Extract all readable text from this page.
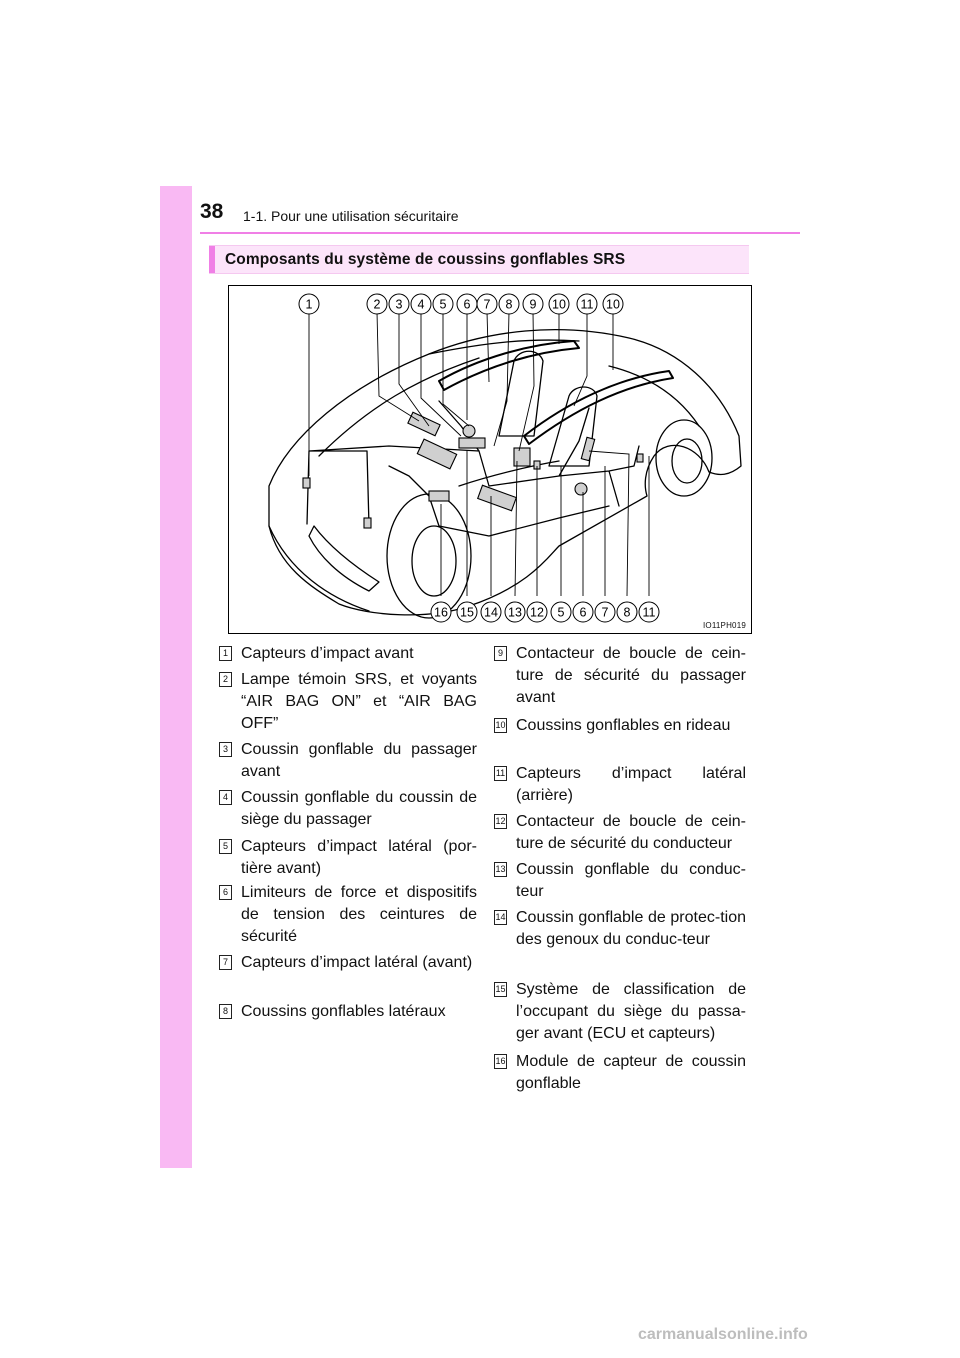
38 1-1. Pour une utilisation sécuritaire
Composants du système de coussins gonflables SRS
1	2 3 4 5 6 7 8 9 10 11 10
16 15 14 13 12 5 6 7 8 11
IO11PH019
1 Capteurs d’impact avant
2 Lampe témoin SRS, et voyants “AIR BAG ON” et “AIR BAG OFF”
3 Coussin gonflable du passager avant
4 Coussin gonflable du coussin de siège du passager
5 Capteurs d’impact latéral (por-tière avant)
6 Limiteurs de force et dispositifs de tension des ceintures de sécurité
7 Capteurs d’impact latéral (avant)
8 Coussins gonflables latéraux
9 Contacteur de boucle de cein-ture de sécurité du passager avant
10 Coussins gonflables en rideau
11 Capteurs d’impact latéral (arrière)
12 Contacteur de boucle de cein-ture de sécurité du conducteur
13 Coussin gonflable du conduc-teur
14 Coussin gonflable de protec-tion des genoux du conduc-teur
15 Système de classification de l’occupant du siège du passa-ger avant (ECU et capteurs)
16 Module de capteur de coussin gonflable
carmanualsonline.info
